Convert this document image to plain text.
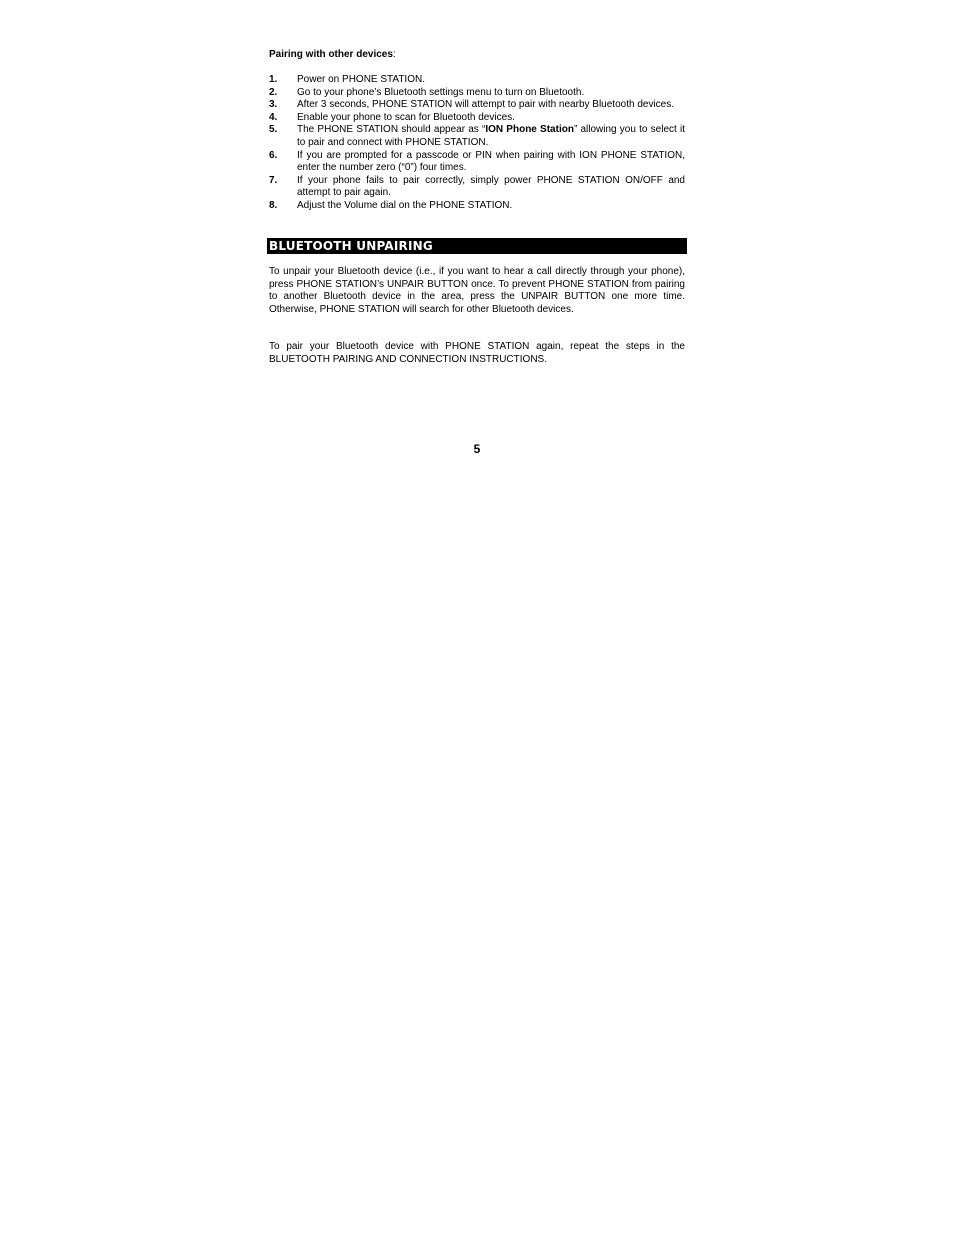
Pairing with other devices:

1.	Power on PHONE STATION.
2.	Go to your phone’s Bluetooth settings menu to turn on Bluetooth.
3.	After 3 seconds, PHONE STATION will attempt to pair with nearby Bluetooth devices.
4.	Enable your phone to scan for Bluetooth devices.
5.	The PHONE STATION should appear as “ION Phone Station” allowing you to select it to pair and connect with PHONE STATION.
6.	If you are prompted for a passcode or PIN when pairing with ION PHONE STATION, enter the number zero (“0”) four times.
7.	If your phone fails to pair correctly, simply power PHONE STATION ON/OFF and attempt to pair again.
8.	Adjust the Volume dial on the PHONE STATION.
BLUETOOTH UNPAIRING

To unpair your Bluetooth device (i.e., if you want to hear a call directly through your phone), press PHONE STATION’s UNPAIR BUTTON once. To prevent PHONE STATION from pairing to another Bluetooth device in the area, press the UNPAIR BUTTON one more time. Otherwise, PHONE STATION will search for other Bluetooth devices.

To pair your Bluetooth device with PHONE STATION again, repeat the steps in the BLUETOOTH PAIRING AND CONNECTION INSTRUCTIONS.

5
